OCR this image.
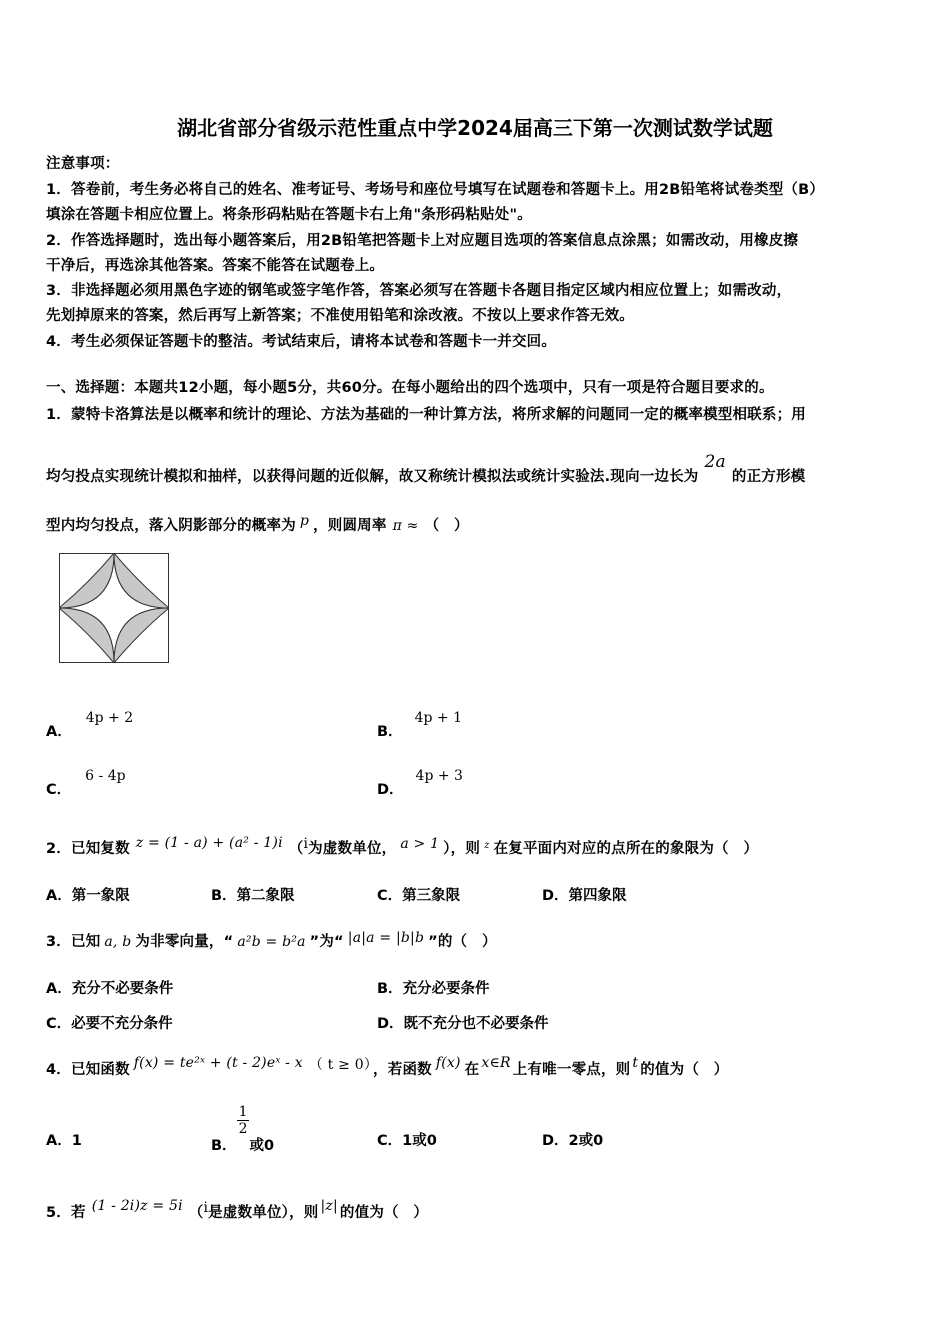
湖北省部分省级示范性重点中学2024届高三下第一次测试数学试题
注意事项：
1．答卷前，考生务必将自己的姓名、准考证号、考场号和座位号填写在试题卷和答题卡上。用2B铅笔将试卷类型（B）
填涂在答题卡相应位置上。将条形码粘贴在答题卡右上角"条形码粘贴处"。
2．作答选择题时，选出每小题答案后，用2B铅笔把答题卡上对应题目选项的答案信息点涂黑；如需改动，用橡皮擦
干净后，再选涂其他答案。答案不能答在试题卷上。
3．非选择题必须用黑色字迹的钢笔或签字笔作答，答案必须写在答题卡各题目指定区域内相应位置上；如需改动，
先划掉原来的答案，然后再写上新答案；不准使用铅笔和涂改液。不按以上要求作答无效。
4．考生必须保证答题卡的整洁。考试结束后，请将本试卷和答题卡一并交回。
一、选择题：本题共12小题，每小题5分，共60分。在每小题给出的四个选项中，只有一项是符合题目要求的。
1．蒙特卡洛算法是以概率和统计的理论、方法为基础的一种计算方法，将所求解的问题同一定的概率模型相联系；用
均匀投点实现统计模拟和抽样，以获得问题的近似解，故又称统计模拟法或统计实验法.现向一边长为2a的正方形模
型内均匀投点，落入阴影部分的概率为 p ，则圆周率 π ≈ （　）
A．4p + 2
B．4p + 1
C．6 - 4p
D．4p + 3
2．已知复数 z = (1 - a) + (a² - 1)i （i为虚数单位， a > 1 ），则 $^z$ 在复平面内对应的点所在的象限为（　）
A．第一象限	B．第二象限	C．第三象限	D．第四象限
3．已知 a, b 为非零向量，“ a²b = b²a ”为“ |a|a = |b|b ”的（　）
A．充分不必要条件	B．充分必要条件
C．必要不充分条件	D．既不充分也不必要条件
4．已知函数 f(x) = te²ˣ + (t - 2)eˣ - x （ t ≥ 0） ，若函数 f(x) 在 x∈R 上有唯一零点，则 t 的值为（　）
A．1	B．
$\frac{1}{2}$
或0	C．1或0	D．2或0
5．若 (1 - 2i)z = 5i （i是虚数单位），则 |z| 的值为（　）
